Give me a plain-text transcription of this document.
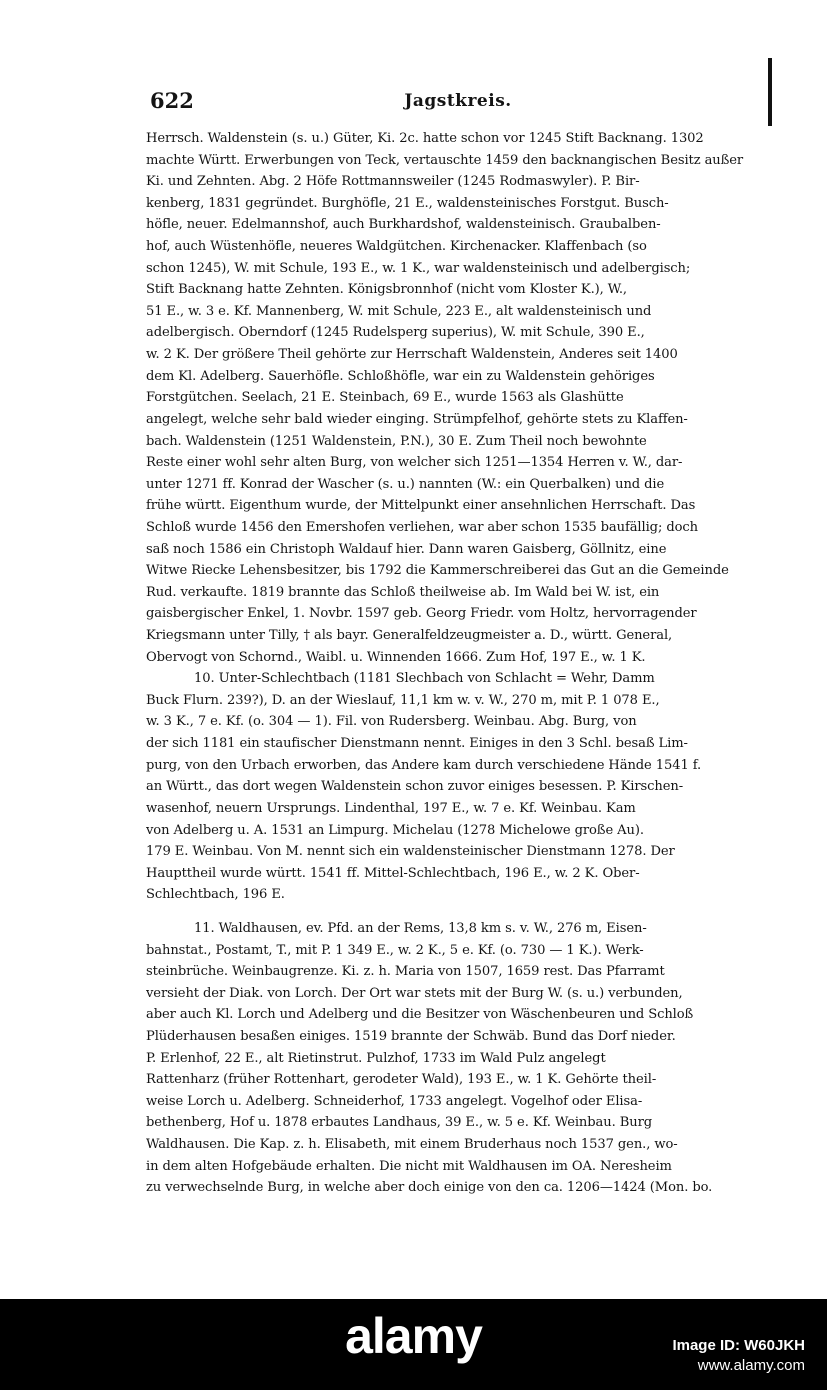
622	Jagstkreis.
Herrsch. Waldenstein (s. u.) Güter, Ki. 2c. hatte schon vor 1245 Stift Backnang. 1302
machte Württ. Erwerbungen von Teck, vertauschte 1459 den backnangischen Besitz außer
Ki. und Zehnten. Abg. 2 Höfe Rottmannsweiler (1245 Rodmaswyler). P. Bir-
kenberg, 1831 gegründet. Burghöfle, 21 E., waldensteinisches Forstgut. Busch-
höfle, neuer. Edelmannshof, auch Burkhardshof, waldensteinisch. Graubalben-
hof, auch Wüstenhöfle, neueres Waldgütchen. Kirchenacker. Klaffenbach (so
schon 1245), W. mit Schule, 193 E., w. 1 K., war waldensteinisch und adelbergisch;
Stift Backnang hatte Zehnten. Königsbronnhof (nicht vom Kloster K.), W.,
51 E., w. 3 e. Kf. Mannenberg, W. mit Schule, 223 E., alt waldensteinisch und
adelbergisch. Oberndorf (1245 Rudelsperg superius), W. mit Schule, 390 E.,
w. 2 K. Der größere Theil gehörte zur Herrschaft Waldenstein, Anderes seit 1400
dem Kl. Adelberg. Sauerhöfle. Schloßhöfle, war ein zu Waldenstein gehöriges
Forstgütchen. Seelach, 21 E. Steinbach, 69 E., wurde 1563 als Glashütte
angelegt, welche sehr bald wieder einging. Strümpfelhof, gehörte stets zu Klaffen-
bach. Waldenstein (1251 Waldenstein, P.N.), 30 E. Zum Theil noch bewohnte
Reste einer wohl sehr alten Burg, von welcher sich 1251—1354 Herren v. W., dar-
unter 1271 ff. Konrad der Wascher (s. u.) nannten (W.: ein Querbalken) und die
frühe württ. Eigenthum wurde, der Mittelpunkt einer ansehnlichen Herrschaft. Das
Schloß wurde 1456 den Emershofen verliehen, war aber schon 1535 baufällig; doch
saß noch 1586 ein Christoph Waldauf hier. Dann waren Gaisberg, Göllnitz, eine
Witwe Riecke Lehensbesitzer, bis 1792 die Kammerschreiberei das Gut an die Gemeinde
Rud. verkaufte. 1819 brannte das Schloß theilweise ab. Im Wald bei W. ist, ein
gaisbergischer Enkel, 1. Novbr. 1597 geb. Georg Friedr. vom Holtz, hervorragender
Kriegsmann unter Tilly, † als bayr. Generalfeldzeugmeister a. D., württ. General,
Obervogt von Schornd., Waibl. u. Winnenden 1666. Zum Hof, 197 E., w. 1 K.
10. Unter-Schlechtbach (1181 Slechbach von Schlacht = Wehr, Damm
Buck Flurn. 239?), D. an der Wieslauf, 11,1 km w. v. W., 270 m, mit P. 1 078 E.,
w. 3 K., 7 e. Kf. (o. 304 — 1). Fil. von Rudersberg. Weinbau. Abg. Burg, von
der sich 1181 ein staufischer Dienstmann nennt. Einiges in den 3 Schl. besaß Lim-
purg, von den Urbach erworben, das Andere kam durch verschiedene Hände 1541 f.
an Württ., das dort wegen Waldenstein schon zuvor einiges besessen. P. Kirschen-
wasenhof, neuern Ursprungs. Lindenthal, 197 E., w. 7 e. Kf. Weinbau. Kam
von Adelberg u. A. 1531 an Limpurg. Michelau (1278 Michelowe große Au).
179 E. Weinbau. Von M. nennt sich ein waldensteinischer Dienstmann 1278. Der
Haupttheil wurde württ. 1541 ff. Mittel-Schlechtbach, 196 E., w. 2 K. Ober-
Schlechtbach, 196 E.
11. Waldhausen, ev. Pfd. an der Rems, 13,8 km s. v. W., 276 m, Eisen-
bahnstat., Postamt, T., mit P. 1 349 E., w. 2 K., 5 e. Kf. (o. 730 — 1 K.). Werk-
steinbrüche. Weinbaugrenze. Ki. z. h. Maria von 1507, 1659 rest. Das Pfarramt
versieht der Diak. von Lorch. Der Ort war stets mit der Burg W. (s. u.) verbunden,
aber auch Kl. Lorch und Adelberg und die Besitzer von Wäschenbeuren und Schloß
Plüderhausen besaßen einiges. 1519 brannte der Schwäb. Bund das Dorf nieder.
P. Erlenhof, 22 E., alt Rietinstrut. Pulzhof, 1733 im Wald Pulz angelegt
Rattenharz (früher Rottenhart, gerodeter Wald), 193 E., w. 1 K. Gehörte theil-
weise Lorch u. Adelberg. Schneiderhof, 1733 angelegt. Vogelhof oder Elisa-
bethenberg, Hof u. 1878 erbautes Landhaus, 39 E., w. 5 e. Kf. Weinbau. Burg
Waldhausen. Die Kap. z. h. Elisabeth, mit einem Bruderhaus noch 1537 gen., wo-
in dem alten Hofgebäude erhalten. Die nicht mit Waldhausen im OA. Neresheim
zu verwechselnde Burg, in welche aber doch einige von den ca. 1206—1424 (Mon. bo.
alamy	Image ID: W60JKH
www.alamy.com
